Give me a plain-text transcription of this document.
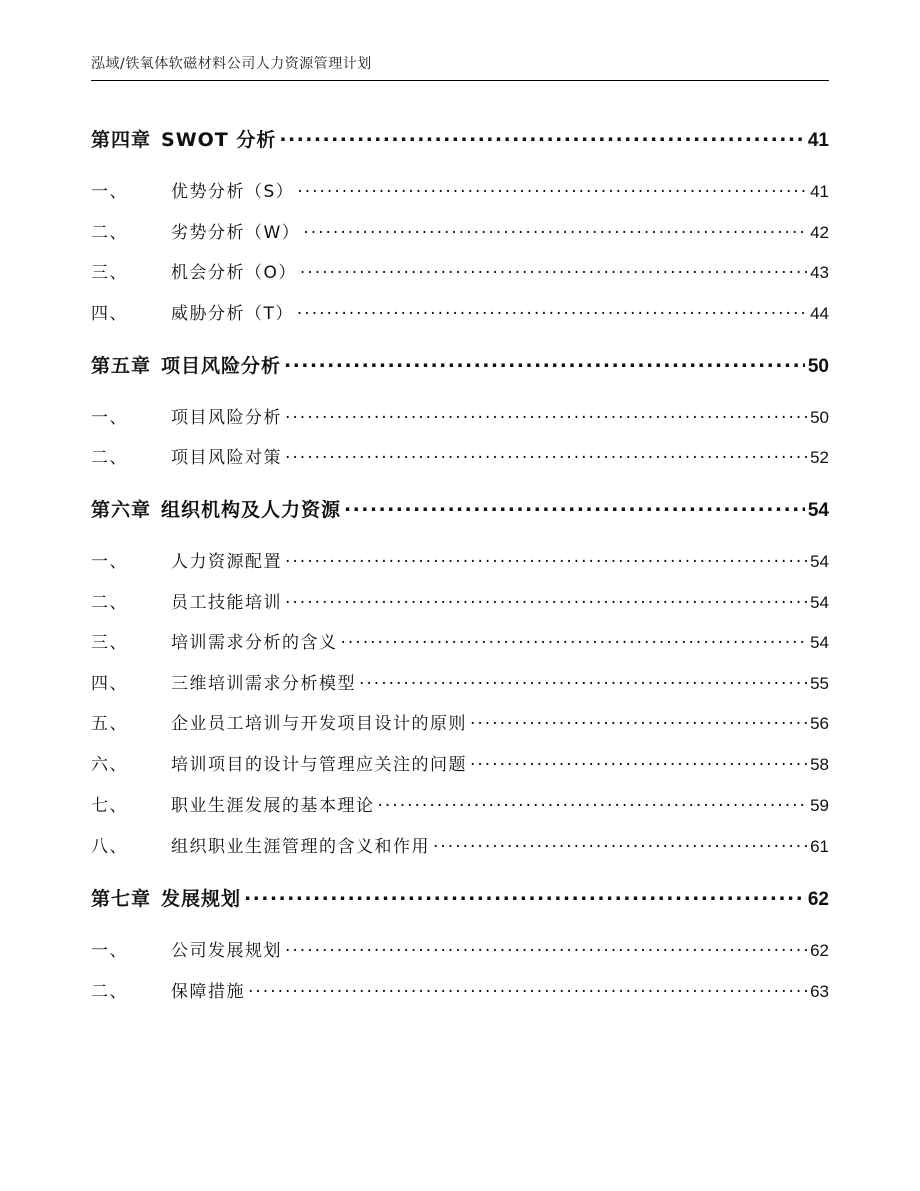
泓域/铁氧体软磁材料公司人力资源管理计划
第四章 SWOT 分析 .....	41
一、	优势分析（S） .....	41
二、	劣势分析（W） .....	42
三、	机会分析（O） .....	43
四、	威胁分析（T） .....	44
第五章 项目风险分析 .....	50
一、	项目风险分析 .....	50
二、	项目风险对策 .....	52
第六章 组织机构及人力资源 .....	54
一、	人力资源配置 .....	54
二、	员工技能培训 .....	54
三、	培训需求分析的含义 .....	54
四、	三维培训需求分析模型 .....	55
五、	企业员工培训与开发项目设计的原则 .....	56
六、	培训项目的设计与管理应关注的问题 .....	58
七、	职业生涯发展的基本理论 .....	59
八、	组织职业生涯管理的含义和作用 .....	61
第七章 发展规划 .....	62
一、	公司发展规划 .....	62
二、	保障措施 .....	63
